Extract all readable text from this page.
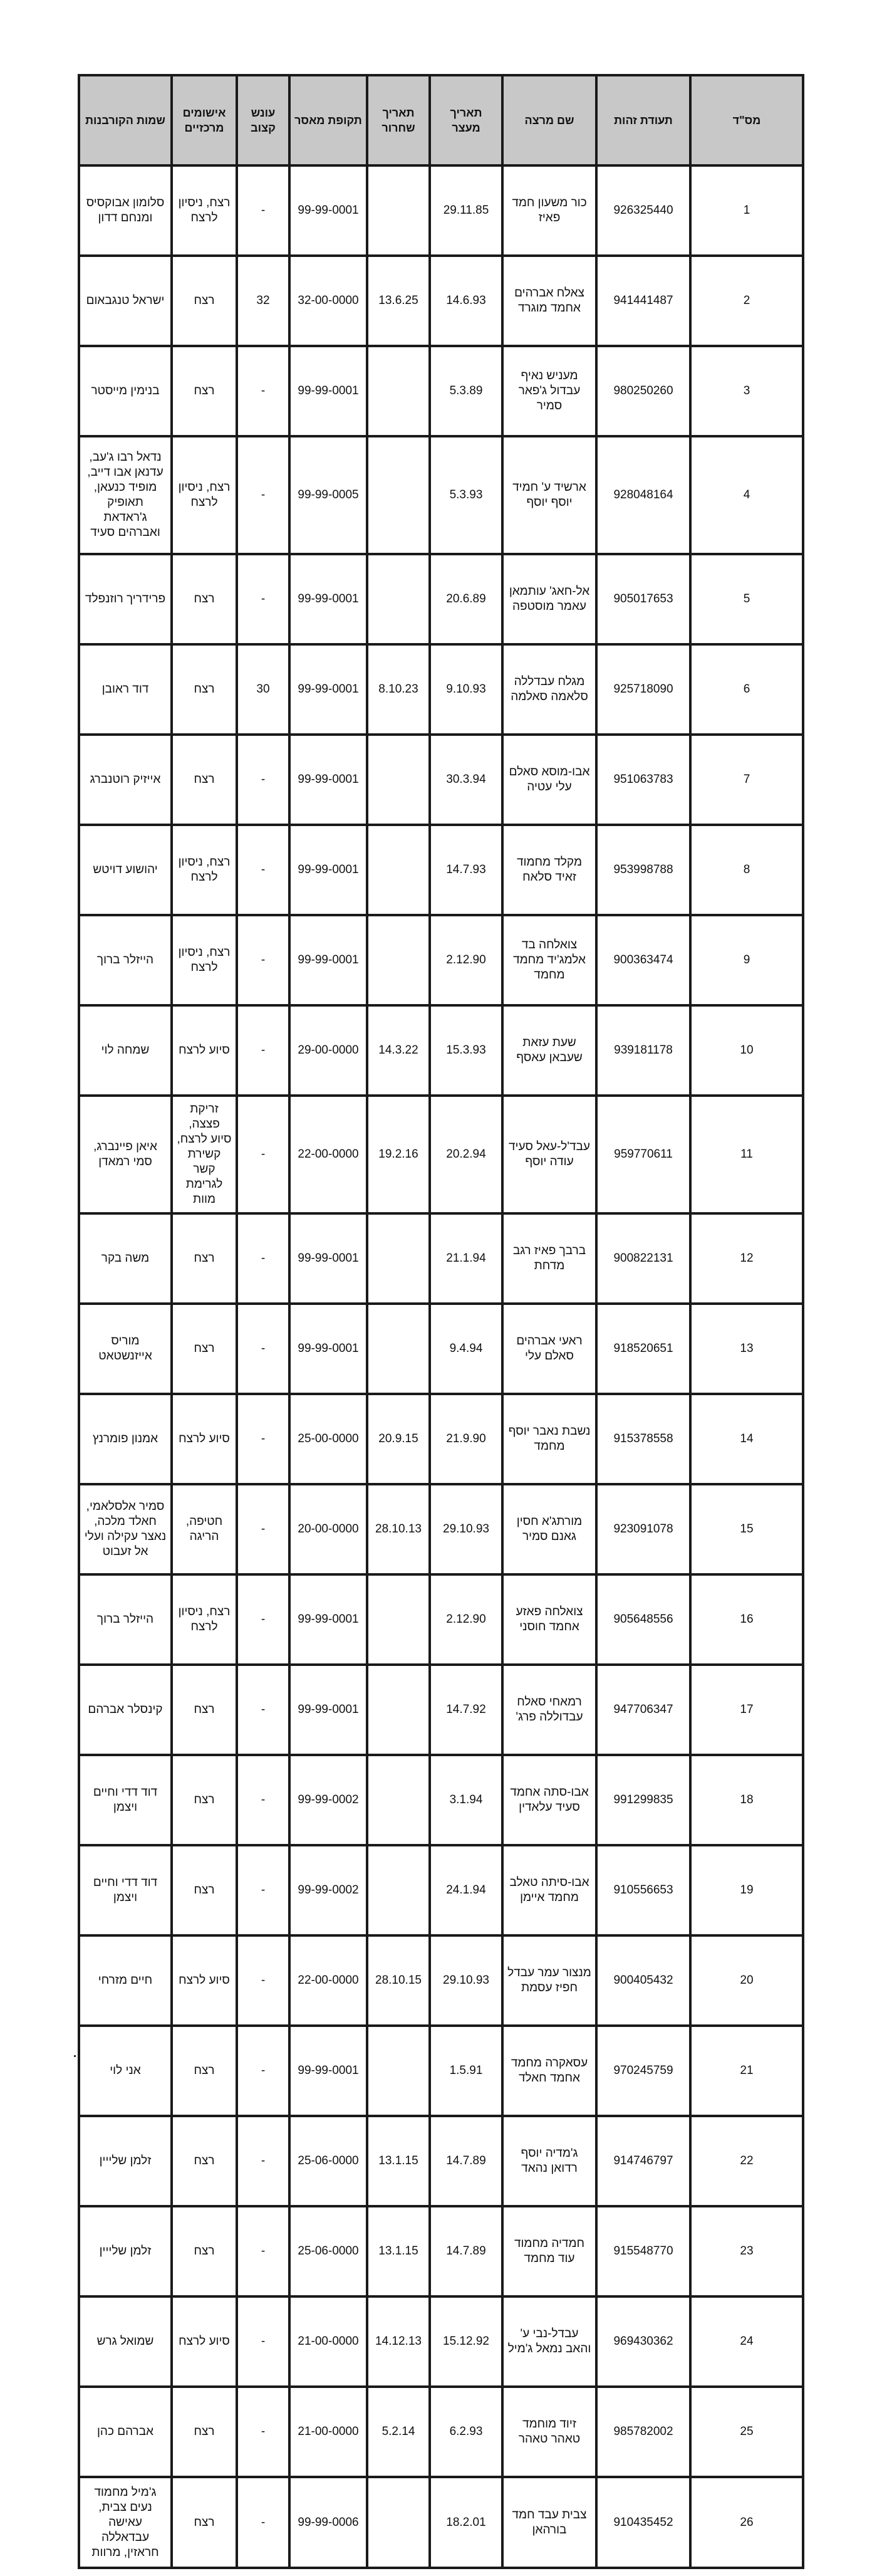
מס"ד	תעודת זהות	שם מרצה	תאריך מעצר	תאריך שחרור	תקופת מאסר	עונש קצוב	אישומים מרכזיים	שמות הקורבנות
1	926325440	כור משעון חמד פאיז	29.11.85		99-99-0001	-	רצח, ניסיון לרצח	סלומון אבוקסיס ומנחם דדון
2	941441487	צאלח אברהים אחמד מוגרד	14.6.93	13.6.25	32-00-0000	32	רצח	ישראל טנגבאום
3	980250260	מעניש נאיף עבדול ג'פאר סמיר	5.3.89		99-99-0001	-	רצח	בנימין מייסטר
4	928048164	ארשיד ע' חמיד יוסף יוסף	5.3.93		99-99-0005	-	רצח, ניסיון לרצח	נדאל רבו ג'עב, עדנאן אבו דייב, מופיד כנעאן, תאופיק ג'ראדאת ואברהים סעיד
5	905017653	אל-חאג' עותמאן עאמר מוסטפה	20.6.89		99-99-0001	-	רצח	פרידריך רוזנפלד
6	925718090	מגלח עבדללה סלאמה סאלמה	9.10.93	8.10.23	99-99-0001	30	רצח	דוד ראובן
7	951063783	אבו-מוסא סאלם עלי עטיה	30.3.94		99-99-0001	-	רצח	אייזיק רוטנברג
8	953998788	מקלד מחמוד זאיד סלאח	14.7.93		99-99-0001	-	רצח, ניסיון לרצח	יהושוע דויטש
9	900363474	צואלחה בד אלמג'יד מחמד מחמד	2.12.90		99-99-0001	-	רצח, ניסיון לרצח	הייזלר ברוך
10	939181178	שעת עזאת שעבאן עאסף	15.3.93	14.3.22	29-00-0000	-	סיוע לרצח	שמחה לוי
11	959770611	עבד'ל-עאל סעיד עודה יוסף	20.2.94	19.2.16	22-00-0000	-	זריקת פצצה, סיוע לרצח, קשירת קשר לגרימת מוות	איאן פיינברג, סמי רמאדן
12	900822131	ברבך פאיז רגב מדחת	21.1.94		99-99-0001	-	רצח	משה בקר
13	918520651	ראעי אברהים סאלם עלי	9.4.94		99-99-0001	-	רצח	מוריס אייזנשטאט
14	915378558	נשבת נאבר יוסף מחמד	21.9.90	20.9.15	25-00-0000	-	סיוע לרצח	אמנון פומרנץ
15	923091078	מורתג'א חסין גאנם סמיר	29.10.93	28.10.13	20-00-0000	-	חטיפה, הריגה	סמיר אלסלאמי, חאלד מלכה, נאצר עקילה ועלי אל זעבוט
16	905648556	צואלחה פאזע אחמד חוסני	2.12.90		99-99-0001	-	רצח, ניסיון לרצח	הייזלר ברוך
17	947706347	רמאחי סאלח עבדוללה פרג'	14.7.92		99-99-0001	-	רצח	קינסלר אברהם
18	991299835	אבו-סתה אחמד סעיד עלאדין	3.1.94		99-99-0002	-	רצח	דוד דדי וחיים ויצמן
19	910556653	אבו-סיתה טאלב מחמד איימן	24.1.94		99-99-0002	-	רצח	דוד דדי וחיים ויצמן
20	900405432	מנצור עמר עבדל חפיז עסמת	29.10.93	28.10.15	22-00-0000	-	סיוע לרצח	חיים מזרחי
21	970245759	עסאקרה מחמד אחמד חאלד	1.5.91		99-99-0001	-	רצח	אני לוי
22	914746797	ג'מדיה יוסף רדואן נהאד	14.7.89	13.1.15	25-06-0000	-	רצח	זלמן שלייין
23	915548770	חמדיה מחמוד עוד מחמד	14.7.89	13.1.15	25-06-0000	-	רצח	זלמן שלייין
24	969430362	עבדל-נבי ע' והאב נמאל ג'מיל	15.12.92	14.12.13	21-00-0000	-	סיוע לרצח	שמואל גרש
25	985782002	זיוד מוחמד טאהר טאהר	6.2.93	5.2.14	21-00-0000	-	רצח	אברהם כהן
26	910435452	צבית עבד חמד בורהאן	18.2.01		99-99-0006	-	רצח	ג'מיל מחמוד נעים צבית, עאישה עבדאללה חראזין, מרוות
